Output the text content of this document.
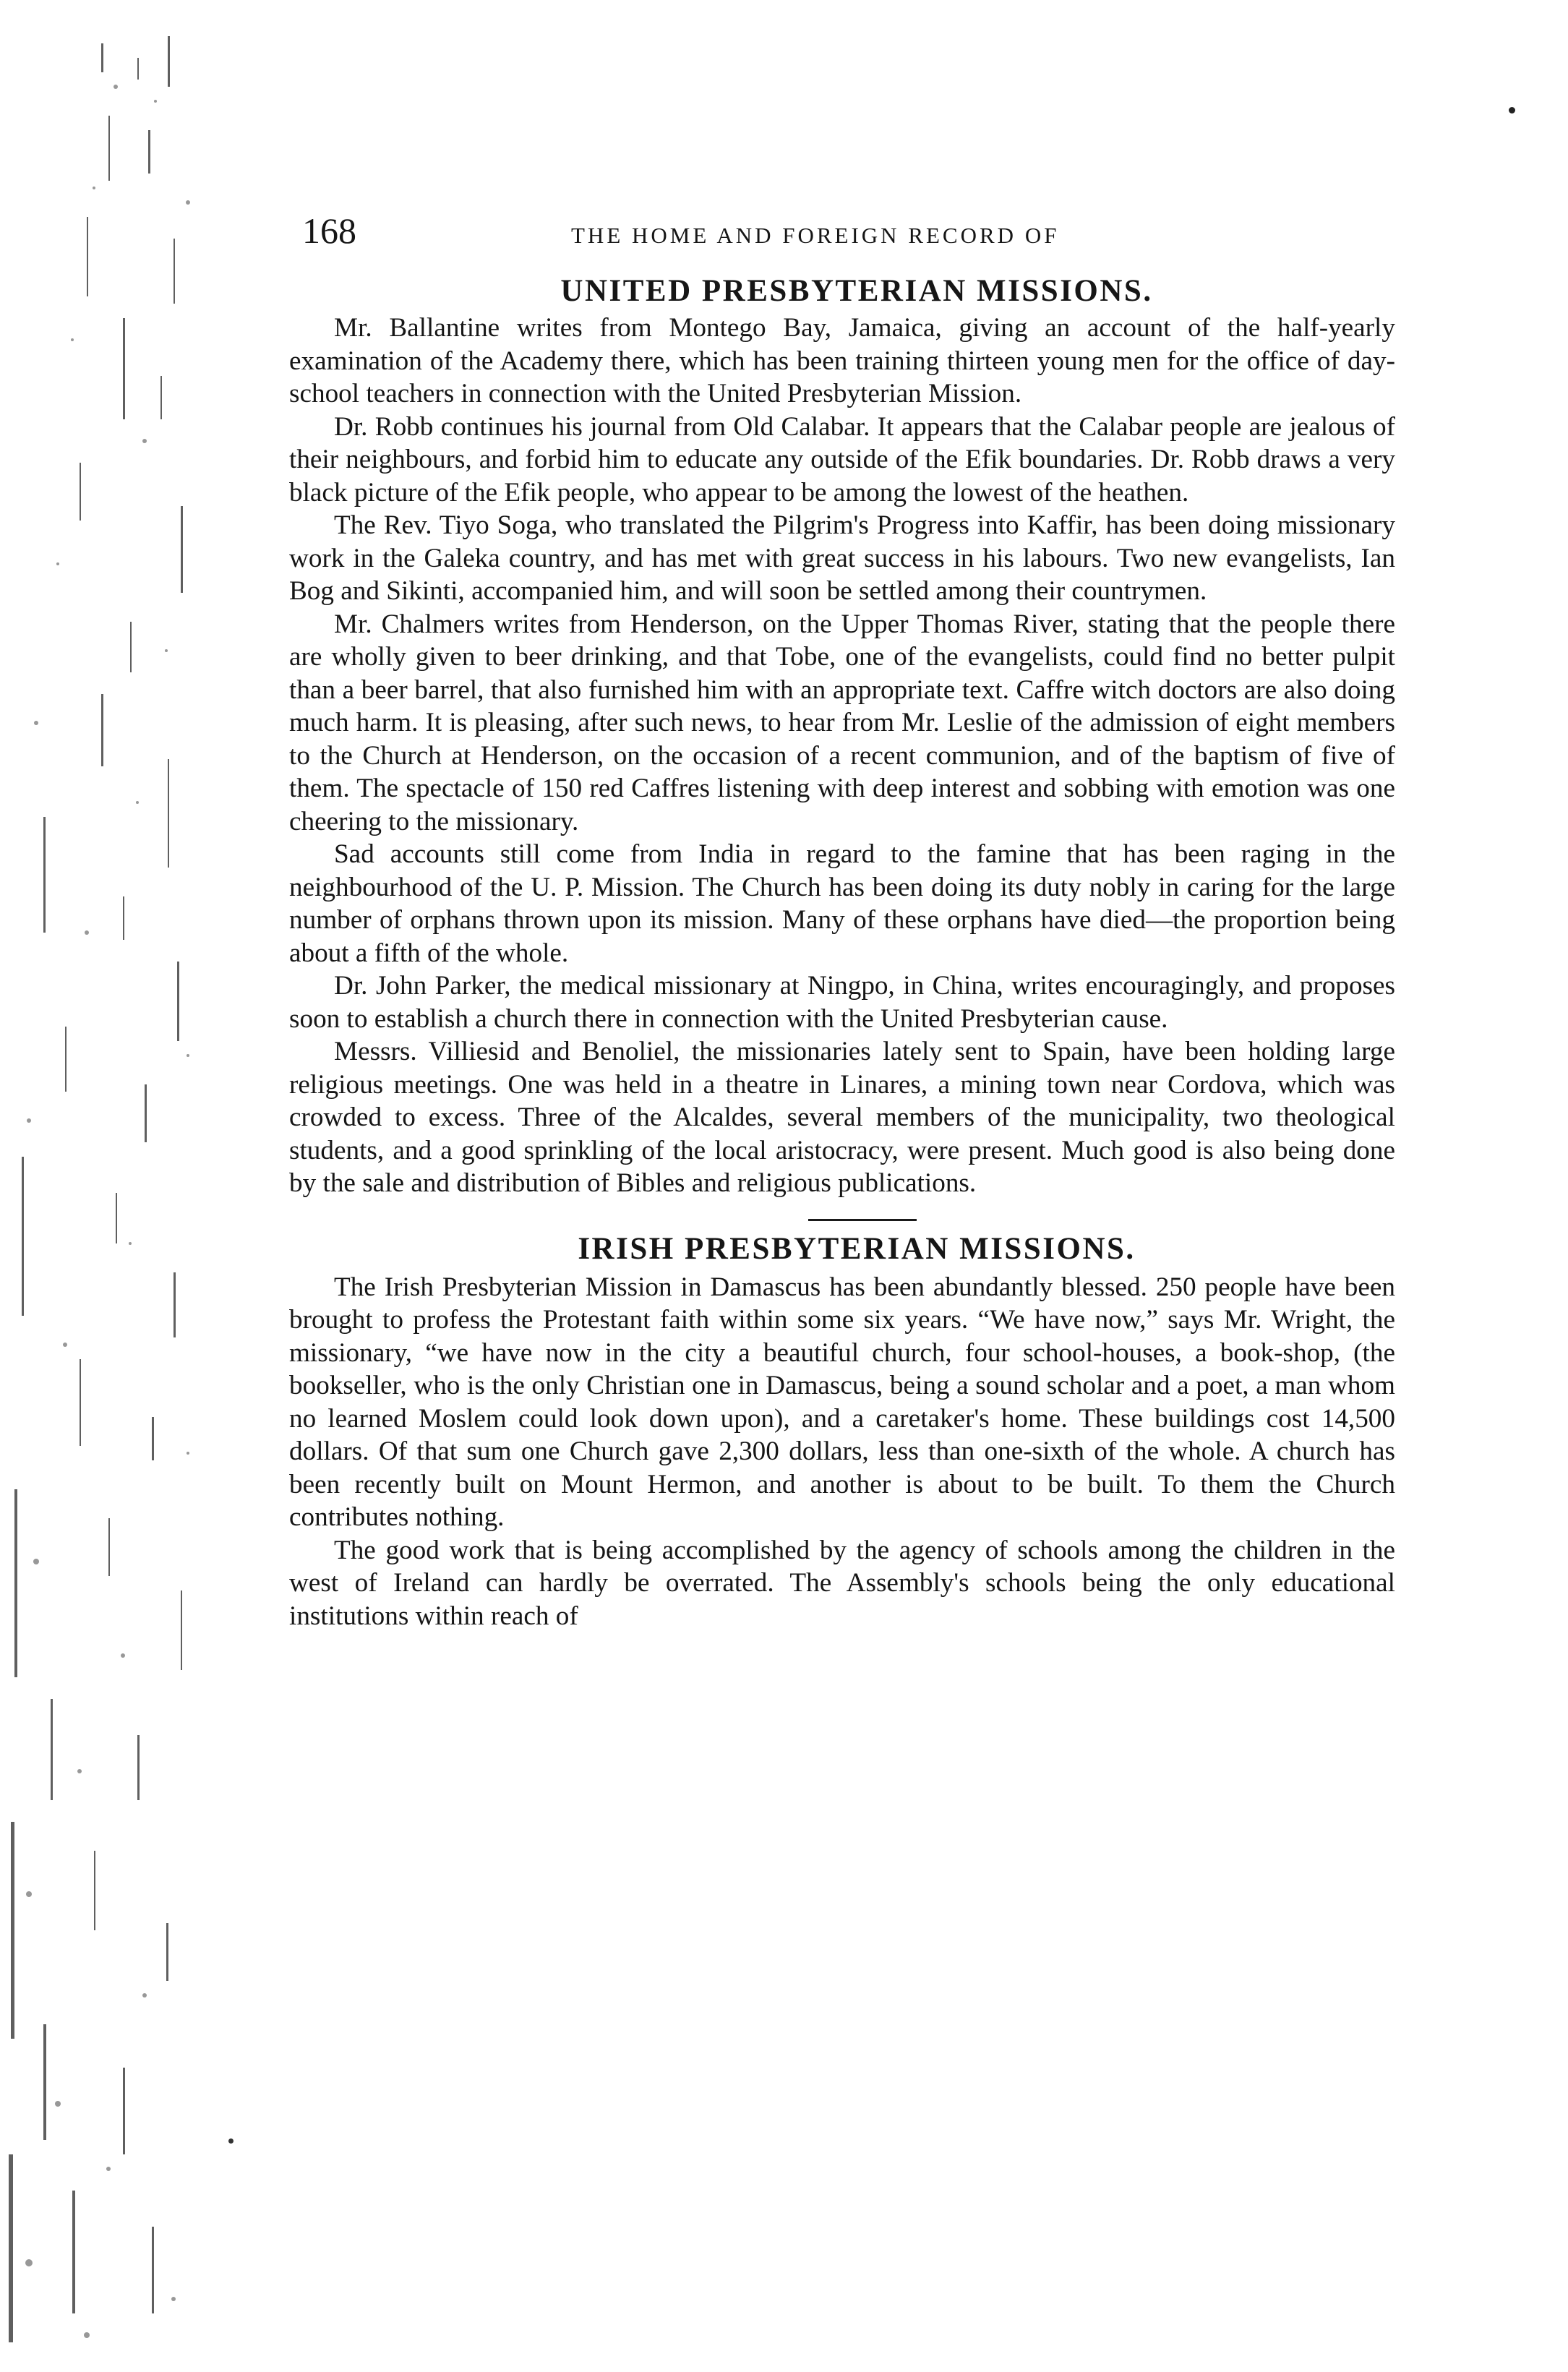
168	THE HOME AND FOREIGN RECORD OF
UNITED PRESBYTERIAN MISSIONS.

Mr. Ballantine writes from Montego Bay, Jamaica, giving an account of the half-yearly examination of the Academy there, which has been training thirteen young men for the office of day-school teachers in connection with the United Presbyterian Mission.

Dr. Robb continues his journal from Old Calabar. It appears that the Calabar people are jealous of their neighbours, and forbid him to educate any outside of the Efik boundaries. Dr. Robb draws a very black picture of the Efik people, who appear to be among the lowest of the heathen.

The Rev. Tiyo Soga, who translated the Pilgrim's Progress into Kaffir, has been doing missionary work in the Galeka country, and has met with great success in his labours. Two new evangelists, Ian Bog and Sikinti, accompanied him, and will soon be settled among their countrymen.

Mr. Chalmers writes from Henderson, on the Upper Thomas River, stating that the people there are wholly given to beer drinking, and that Tobe, one of the evangelists, could find no better pulpit than a beer barrel, that also furnished him with an appropriate text. Caffre witch doctors are also doing much harm. It is pleasing, after such news, to hear from Mr. Leslie of the admission of eight members to the Church at Henderson, on the occasion of a recent communion, and of the baptism of five of them. The spectacle of 150 red Caffres listening with deep interest and sobbing with emotion was one cheering to the missionary.

Sad accounts still come from India in regard to the famine that has been raging in the neighbourhood of the U. P. Mission. The Church has been doing its duty nobly in caring for the large number of orphans thrown upon its mission. Many of these orphans have died—the proportion being about a fifth of the whole.

Dr. John Parker, the medical missionary at Ningpo, in China, writes encouragingly, and proposes soon to establish a church there in connection with the United Presbyterian cause.

Messrs. Villiesid and Benoliel, the missionaries lately sent to Spain, have been holding large religious meetings. One was held in a theatre in Linares, a mining town near Cordova, which was crowded to excess. Three of the Alcaldes, several members of the municipality, two theological students, and a good sprinkling of the local aristocracy, were present. Much good is also being done by the sale and distribution of Bibles and religious publications.

IRISH PRESBYTERIAN MISSIONS.

The Irish Presbyterian Mission in Damascus has been abundantly blessed. 250 people have been brought to profess the Protestant faith within some six years. “We have now,” says Mr. Wright, the missionary, “we have now in the city a beautiful church, four school-houses, a book-shop, (the bookseller, who is the only Christian one in Damascus, being a sound scholar and a poet, a man whom no learned Moslem could look down upon), and a caretaker's home. These buildings cost 14,500 dollars. Of that sum one Church gave 2,300 dollars, less than one-sixth of the whole. A church has been recently built on Mount Hermon, and another is about to be built. To them the Church contributes nothing.

The good work that is being accomplished by the agency of schools among the children in the west of Ireland can hardly be overrated. The Assembly's schools being the only educational institutions within reach of
